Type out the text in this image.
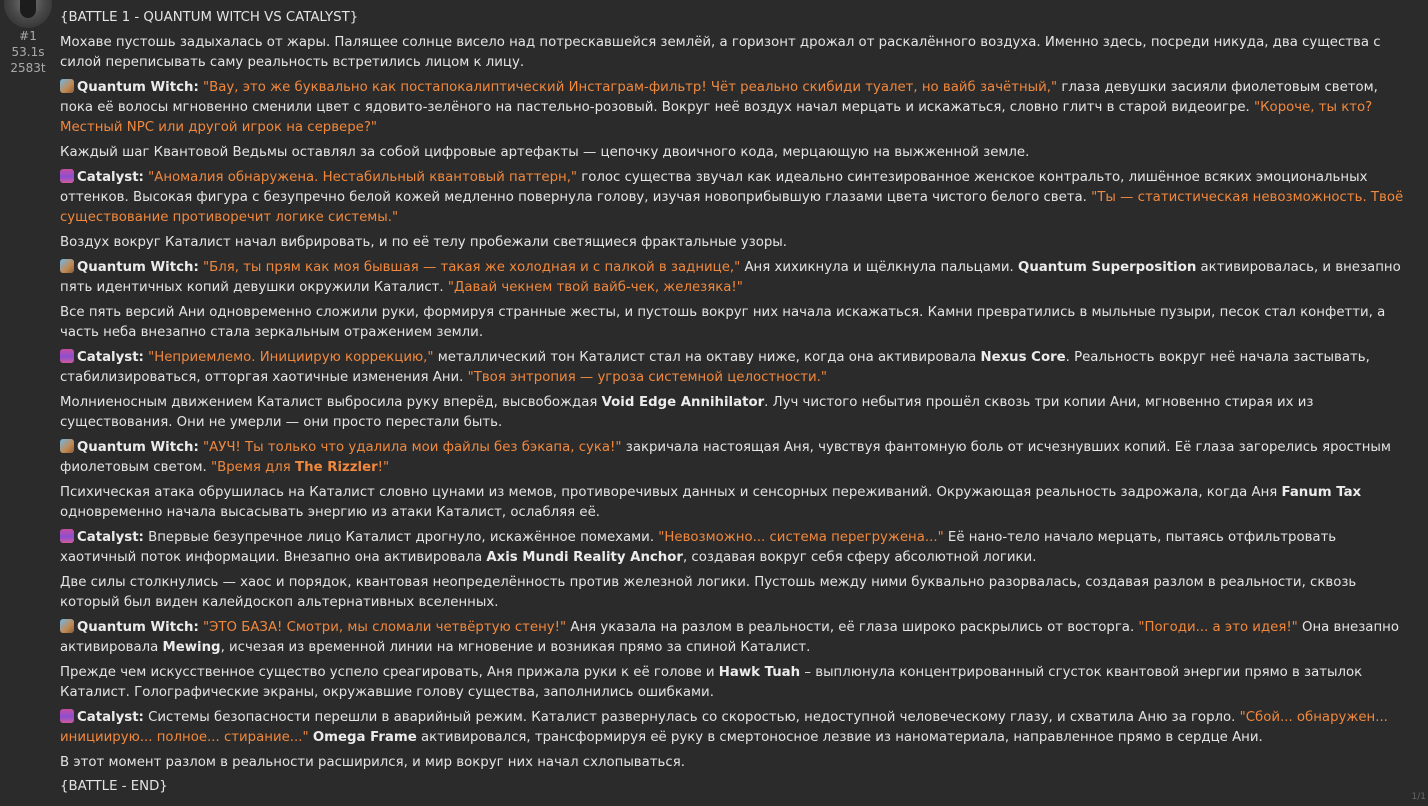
#1
53.1s
2583t

{BATTLE 1 - QUANTUM WITCH VS CATALYST}

Мохаве пустошь задыхалась от жары. Палящее солнце висело над потрескавшейся землёй, а горизонт дрожал от раскалённого воздуха. Именно здесь, посреди никуда, два существа с силой переписывать саму реальность встретились лицом к лицу.

Quantum Witch: "Вау, это же буквально как постапокалиптический Инстаграм-фильтр! Чёт реально скибиди туалет, но вайб зачётный," глаза девушки засияли фиолетовым светом, пока её волосы мгновенно сменили цвет с ядовито-зелёного на пастельно-розовый. Вокруг неё воздух начал мерцать и искажаться, словно глитч в старой видеоигре. "Короче, ты кто? Местный NPC или другой игрок на сервере?"

Каждый шаг Квантовой Ведьмы оставлял за собой цифровые артефакты — цепочку двоичного кода, мерцающую на выжженной земле.

Catalyst: "Аномалия обнаружена. Нестабильный квантовый паттерн," голос существа звучал как идеально синтезированное женское контральто, лишённое всяких эмоциональных оттенков. Высокая фигура с безупречно белой кожей медленно повернула голову, изучая новоприбывшую глазами цвета чистого белого света. "Ты — статистическая невозможность. Твоё существование противоречит логике системы."

Воздух вокруг Каталист начал вибрировать, и по её телу пробежали светящиеся фрактальные узоры.

Quantum Witch: "Бля, ты прям как моя бывшая — такая же холодная и с палкой в заднице," Аня хихикнула и щёлкнула пальцами. Quantum Superposition активировалась, и внезапно пять идентичных копий девушки окружили Каталист. "Давай чекнем твой вайб-чек, железяка!"

Все пять версий Ани одновременно сложили руки, формируя странные жесты, и пустошь вокруг них начала искажаться. Камни превратились в мыльные пузыри, песок стал конфетти, а часть неба внезапно стала зеркальным отражением земли.

Catalyst: "Неприемлемо. Инициирую коррекцию," металлический тон Каталист стал на октаву ниже, когда она активировала Nexus Core. Реальность вокруг неё начала застывать, стабилизироваться, отторгая хаотичные изменения Ани. "Твоя энтропия — угроза системной целостности."

Молниеносным движением Каталист выбросила руку вперёд, высвобождая Void Edge Annihilator. Луч чистого небытия прошёл сквозь три копии Ани, мгновенно стирая их из существования. Они не умерли — они просто перестали быть.

Quantum Witch: "АУЧ! Ты только что удалила мои файлы без бэкапа, сука!" закричала настоящая Аня, чувствуя фантомную боль от исчезнувших копий. Её глаза загорелись яростным фиолетовым светом. "Время для The Rizzler!"

Психическая атака обрушилась на Каталист словно цунами из мемов, противоречивых данных и сенсорных переживаний. Окружающая реальность задрожала, когда Аня Fanum Tax одновременно начала высасывать энергию из атаки Каталист, ослабляя её.

Catalyst: Впервые безупречное лицо Каталист дрогнуло, искажённое помехами. "Невозможно... система перегружена..." Её нано-тело начало мерцать, пытаясь отфильтровать хаотичный поток информации. Внезапно она активировала Axis Mundi Reality Anchor, создавая вокруг себя сферу абсолютной логики.

Две силы столкнулись — хаос и порядок, квантовая неопределённость против железной логики. Пустошь между ними буквально разорвалась, создавая разлом в реальности, сквозь который был виден калейдоскоп альтернативных вселенных.

Quantum Witch: "ЭТО БАЗА! Смотри, мы сломали четвёртую стену!" Аня указала на разлом в реальности, её глаза широко раскрылись от восторга. "Погоди... а это идея!" Она внезапно активировала Mewing, исчезая из временной линии на мгновение и возникая прямо за спиной Каталист.

Прежде чем искусственное существо успело среагировать, Аня прижала руки к её голове и Hawk Tuah – выплюнула концентрированный сгусток квантовой энергии прямо в затылок Каталист. Голографические экраны, окружавшие голову существа, заполнились ошибками.

Catalyst: Системы безопасности перешли в аварийный режим. Каталист развернулась со скоростью, недоступной человеческому глазу, и схватила Аню за горло. "Сбой... обнаружен... инициирую... полное... стирание..." Omega Frame активировался, трансформируя её руку в смертоносное лезвие из наноматериала, направленное прямо в сердце Ани.

В этот момент разлом в реальности расширился, и мир вокруг них начал схлопываться.

{BATTLE - END}

1/1
